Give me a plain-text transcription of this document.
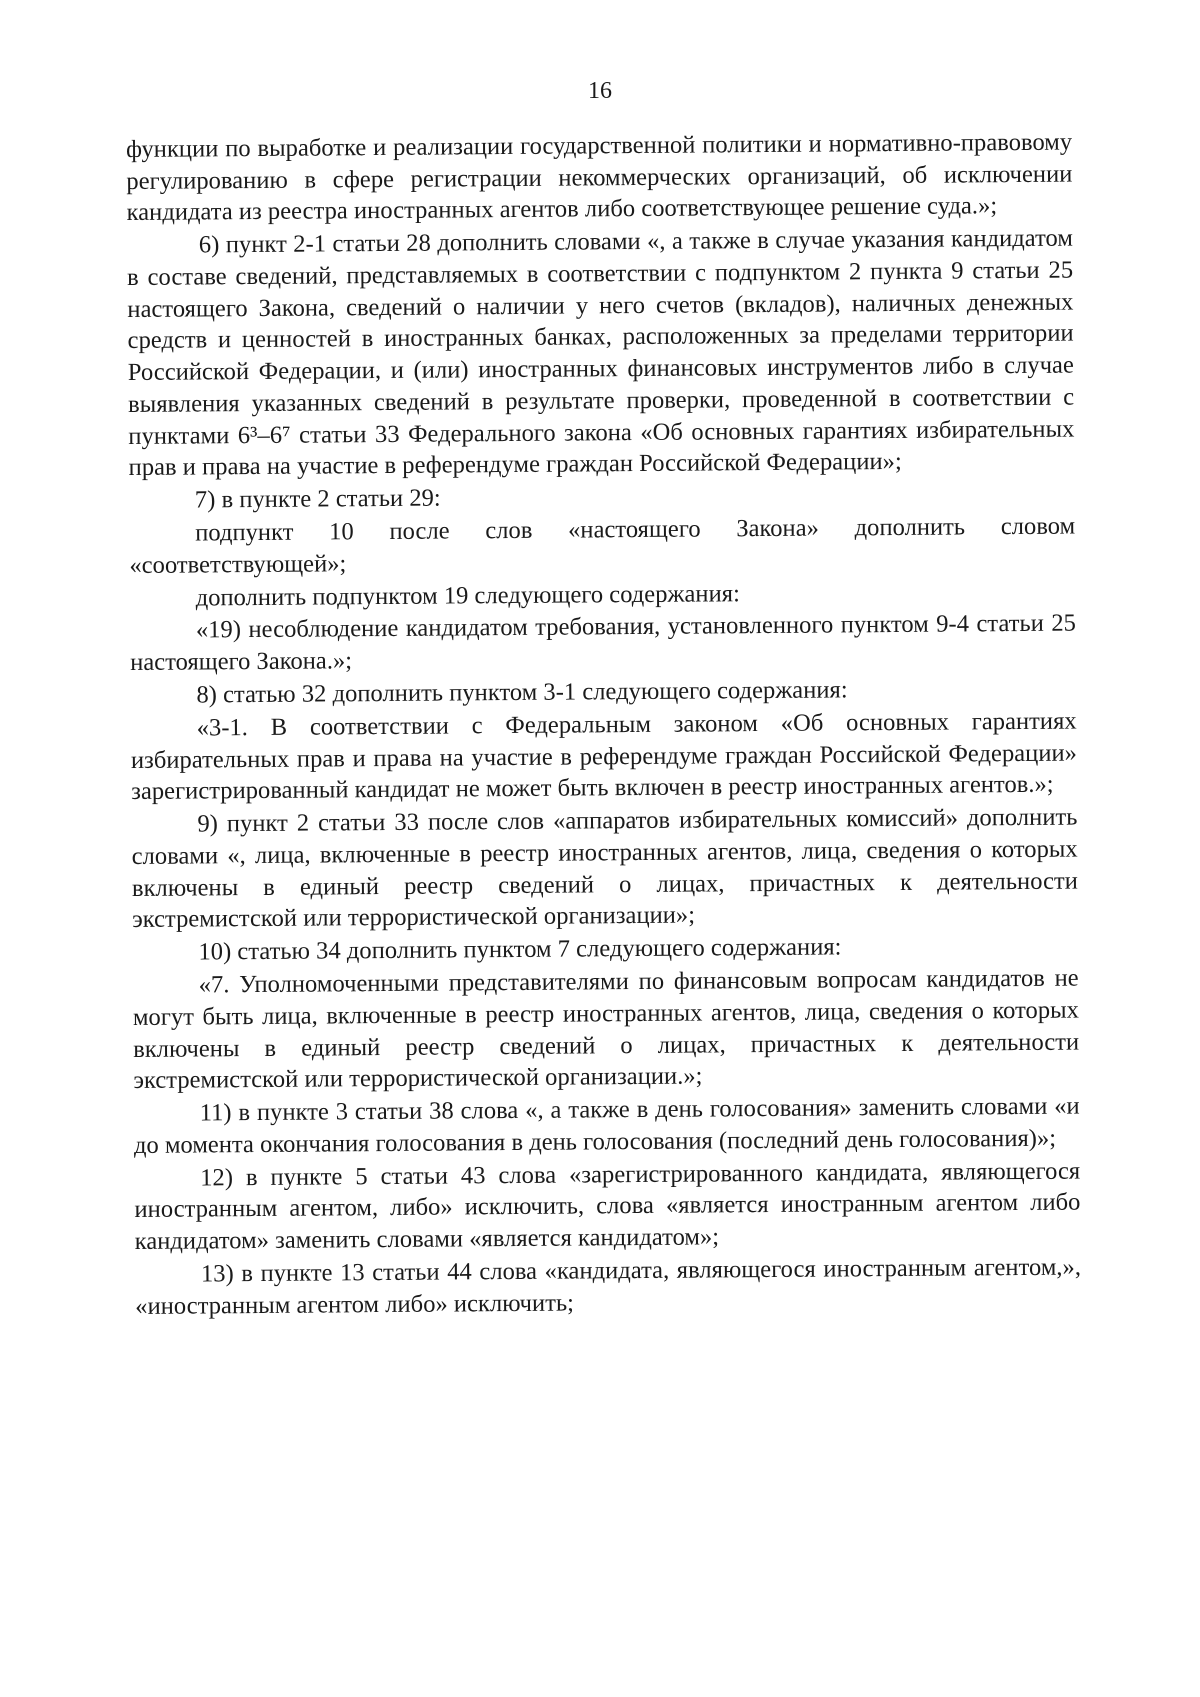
16

функции по выработке и реализации государственной политики и нормативно-правовому регулированию в сфере регистрации некоммерческих организаций, об исключении кандидата из реестра иностранных агентов либо соответствующее решение суда.»;

6) пункт 2-1 статьи 28 дополнить словами «, а также в случае указания кандидатом в составе сведений, представляемых в соответствии с подпунктом 2 пункта 9 статьи 25 настоящего Закона, сведений о наличии у него счетов (вкладов), наличных денежных средств и ценностей в иностранных банках, расположенных за пределами территории Российской Федерации, и (или) иностранных финансовых инструментов либо в случае выявления указанных сведений в результате проверки, проведенной в соответствии с пунктами 6³–6⁷ статьи 33 Федерального закона «Об основных гарантиях избирательных прав и права на участие в референдуме граждан Российской Федерации»;

7) в пункте 2 статьи 29:

подпункт 10 после слов «настоящего Закона» дополнить словом «соответствующей»;

дополнить подпунктом 19 следующего содержания:

«19) несоблюдение кандидатом требования, установленного пунктом 9-4 статьи 25 настоящего Закона.»;

8) статью 32 дополнить пунктом 3-1 следующего содержания:

«3-1. В соответствии с Федеральным законом «Об основных гарантиях избирательных прав и права на участие в референдуме граждан Российской Федерации» зарегистрированный кандидат не может быть включен в реестр иностранных агентов.»;

9) пункт 2 статьи 33 после слов «аппаратов избирательных комиссий» дополнить словами «, лица, включенные в реестр иностранных агентов, лица, сведения о которых включены в единый реестр сведений о лицах, причастных к деятельности экстремистской или террористической организации»;

10) статью 34 дополнить пунктом 7 следующего содержания:

«7. Уполномоченными представителями по финансовым вопросам кандидатов не могут быть лица, включенные в реестр иностранных агентов, лица, сведения о которых включены в единый реестр сведений о лицах, причастных к деятельности экстремистской или террористической организации.»;

11) в пункте 3 статьи 38 слова «, а также в день голосования» заменить словами «и до момента окончания голосования в день голосования (последний день голосования)»;

12) в пункте 5 статьи 43 слова «зарегистрированного кандидата, являющегося иностранным агентом, либо» исключить, слова «является иностранным агентом либо кандидатом» заменить словами «является кандидатом»;

13) в пункте 13 статьи 44 слова «кандидата, являющегося иностранным агентом,», «иностранным агентом либо» исключить;
